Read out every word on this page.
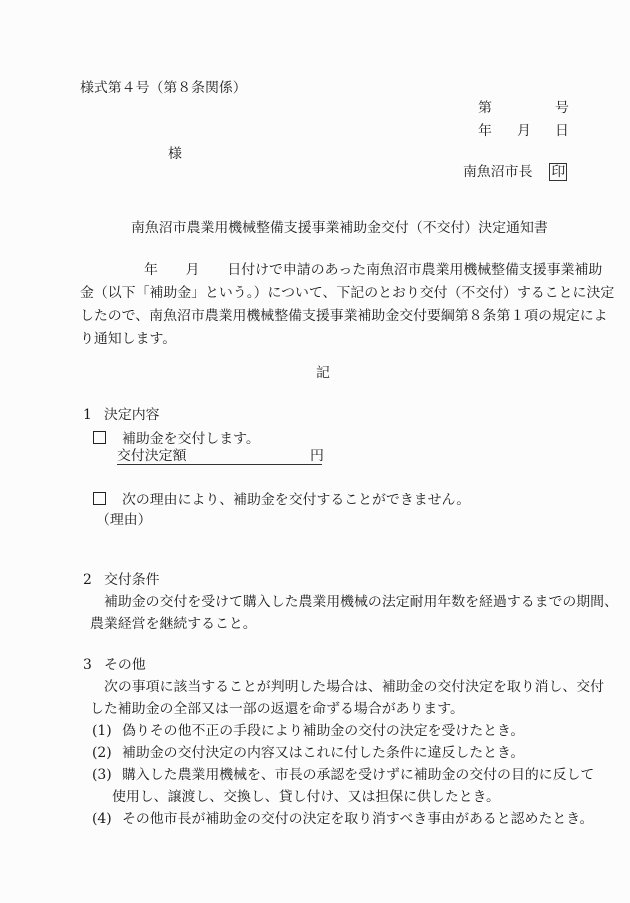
様式第４号（第８条関係）
第	号
年 月 日
様
南魚沼市長 印
南魚沼市農業用機械整備支援事業補助金交付（不交付）決定通知書
年　　月　　日付けで申請のあった南魚沼市農業用機械整備支援事業補助
金（以下「補助金」という。）について、下記のとおり交付（不交付）することに決定
したので、南魚沼市農業用機械整備支援事業補助金交付要綱第８条第１項の規定によ
り通知します。
記
1 決定内容
補助金を交付します。
交付決定額	円
次の理由により、補助金を交付することができません。
（理由）
2 交付条件
補助金の交付を受けて購入した農業用機械の法定耐用年数を経過するまでの期間、
農業経営を継続すること。
3 その他
次の事項に該当することが判明した場合は、補助金の交付決定を取り消し、交付
した補助金の全部又は一部の返還を命ずる場合があります。
(1) 偽りその他不正の手段により補助金の交付の決定を受けたとき。
(2) 補助金の交付決定の内容又はこれに付した条件に違反したとき。
(3) 購入した農業用機械を、市長の承認を受けずに補助金の交付の目的に反して
使用し、譲渡し、交換し、貸し付け、又は担保に供したとき。
(4) その他市長が補助金の交付の決定を取り消すべき事由があると認めたとき。
